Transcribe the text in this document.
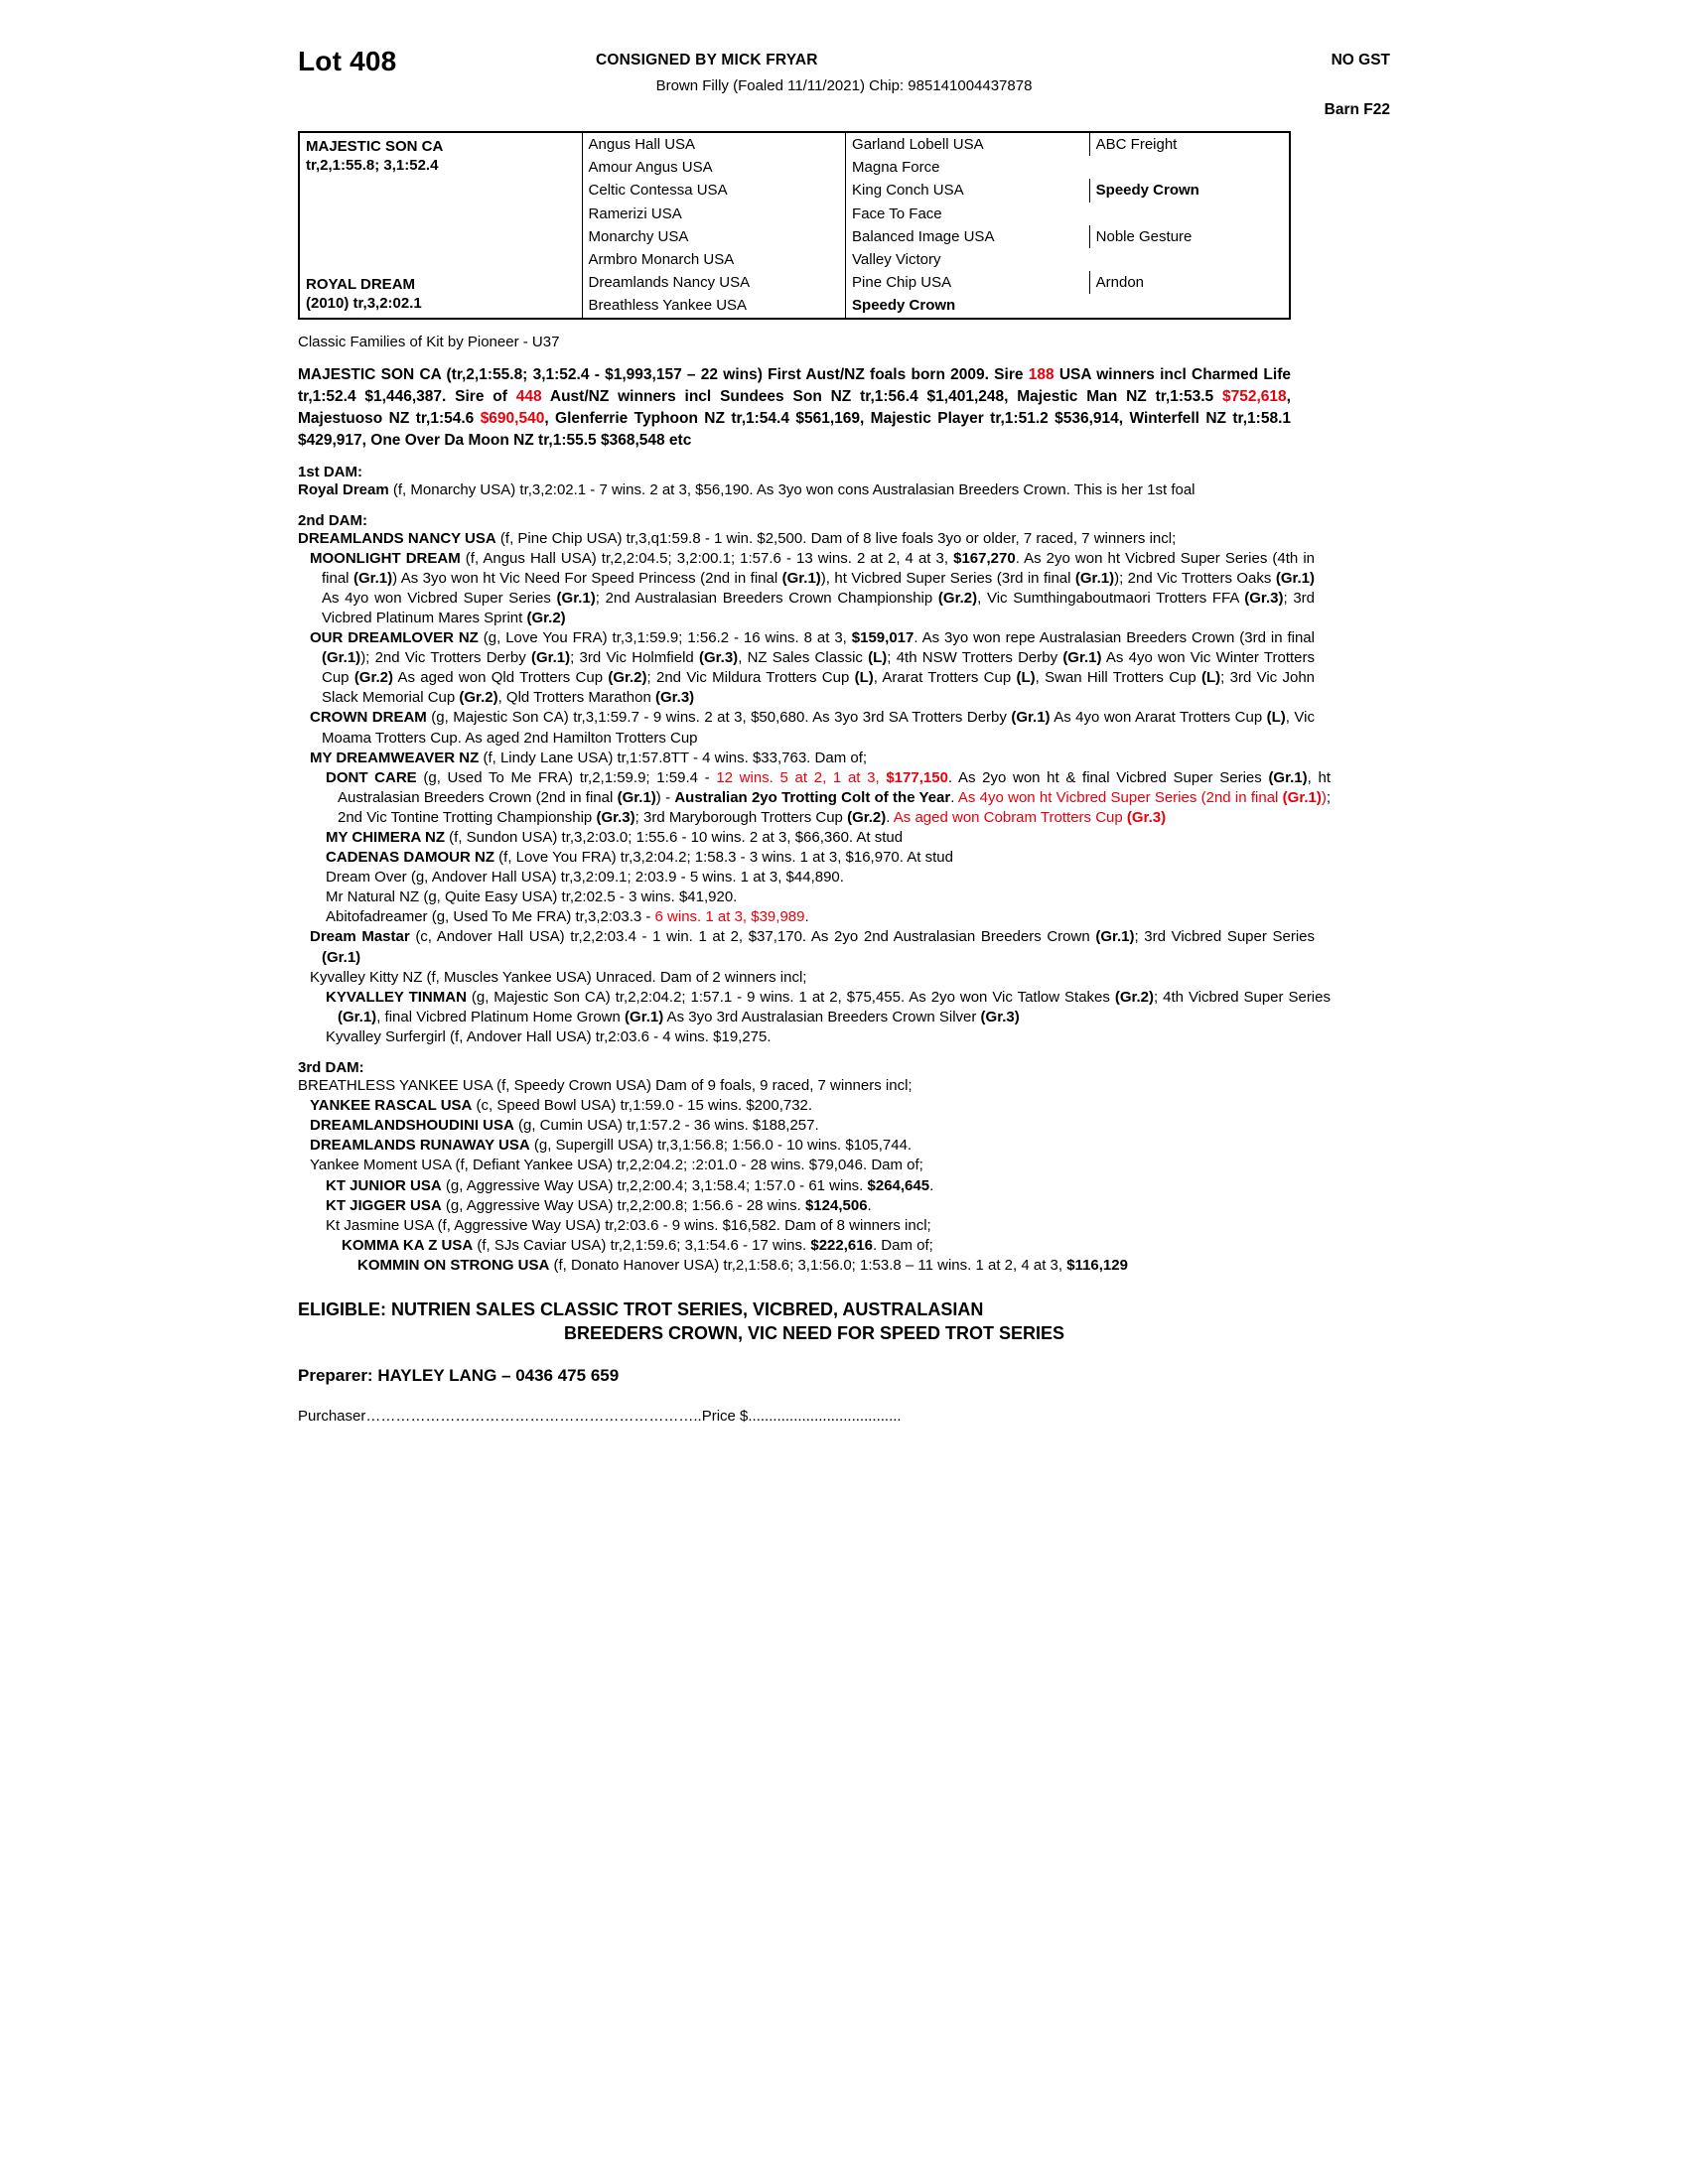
Lot 408	CONSIGNED BY MICK FRYAR
Brown Filly (Foaled 11/11/2021) Chip: 985141004437878
NO GST
Barn F22
MAJESTIC SON CA
tr,2,1:55.8; 3,1:52.4	Angus Hall USA	Garland Lobell USA	ABC Freight
	Amour Angus USA	Magna Force	
	Celtic Contessa USA	King Conch USA	Speedy Crown
	Ramerizi USA	Face To Face	
	Monarchy USA	Balanced Image USA	Noble Gesture
	Armbro Monarch USA	Valley Victory	

ROYAL DREAM
(2010) tr,3,2:02.1	Dreamlands Nancy USA	Pine Chip USA	Arndon
	Breathless Yankee USA	Speedy Crown	
Classic Families of Kit by Pioneer - U37
MAJESTIC SON CA (tr,2,1:55.8; 3,1:52.4 - $1,993,157 – 22 wins) First Aust/NZ foals born 2009. Sire 188 USA winners incl Charmed Life tr,1:52.4 $1,446,387. Sire of 448 Aust/NZ winners incl Sundees Son NZ tr,1:56.4 $1,401,248, Majestic Man NZ tr,1:53.5 $752,618, Majestuoso NZ tr,1:54.6 $690,540, Glenferrie Typhoon NZ tr,1:54.4 $561,169, Majestic Player tr,1:51.2 $536,914, Winterfell NZ tr,1:58.1 $429,917, One Over Da Moon NZ tr,1:55.5 $368,548 etc
1st DAM:

Royal Dream (f, Monarchy USA) tr,3,2:02.1 - 7 wins. 2 at 3, $56,190. As 3yo won cons Australasian Breeders Crown. This is her 1st foal

2nd DAM:

DREAMLANDS NANCY USA (f, Pine Chip USA) tr,3,q1:59.8 - 1 win. $2,500. Dam of 8 live foals 3yo or older, 7 raced, 7 winners incl;

MOONLIGHT DREAM (f, Angus Hall USA) tr,2,2:04.5; 3,2:00.1; 1:57.6 - 13 wins. 2 at 2, 4 at 3, $167,270. As 2yo won ht Vicbred Super Series (4th in final (Gr.1)) As 3yo won ht Vic Need For Speed Princess (2nd in final (Gr.1)), ht Vicbred Super Series (3rd in final (Gr.1)); 2nd Vic Trotters Oaks (Gr.1) As 4yo won Vicbred Super Series (Gr.1); 2nd Australasian Breeders Crown Championship (Gr.2), Vic Sumthingaboutmaori Trotters FFA (Gr.3); 3rd Vicbred Platinum Mares Sprint (Gr.2)

OUR DREAMLOVER NZ (g, Love You FRA) tr,3,1:59.9; 1:56.2 - 16 wins. 8 at 3, $159,017. As 3yo won repe Australasian Breeders Crown (3rd in final (Gr.1)); 2nd Vic Trotters Derby (Gr.1); 3rd Vic Holmfield (Gr.3), NZ Sales Classic (L); 4th NSW Trotters Derby (Gr.1) As 4yo won Vic Winter Trotters Cup (Gr.2) As aged won Qld Trotters Cup (Gr.2); 2nd Vic Mildura Trotters Cup (L), Ararat Trotters Cup (L), Swan Hill Trotters Cup (L); 3rd Vic John Slack Memorial Cup (Gr.2), Qld Trotters Marathon (Gr.3)

CROWN DREAM (g, Majestic Son CA) tr,3,1:59.7 - 9 wins. 2 at 3, $50,680. As 3yo 3rd SA Trotters Derby (Gr.1) As 4yo won Ararat Trotters Cup (L), Vic Moama Trotters Cup. As aged 2nd Hamilton Trotters Cup

MY DREAMWEAVER NZ (f, Lindy Lane USA) tr,1:57.8TT - 4 wins. $33,763. Dam of;

DONT CARE (g, Used To Me FRA) tr,2,1:59.9; 1:59.4 - 12 wins. 5 at 2, 1 at 3, $177,150. As 2yo won ht & final Vicbred Super Series (Gr.1), ht Australasian Breeders Crown (2nd in final (Gr.1)) - Australian 2yo Trotting Colt of the Year. As 4yo won ht Vicbred Super Series (2nd in final (Gr.1)); 2nd Vic Tontine Trotting Championship (Gr.3); 3rd Maryborough Trotters Cup (Gr.2). As aged won Cobram Trotters Cup (Gr.3)

MY CHIMERA NZ (f, Sundon USA) tr,3,2:03.0; 1:55.6 - 10 wins. 2 at 3, $66,360. At stud

CADENAS DAMOUR NZ (f, Love You FRA) tr,3,2:04.2; 1:58.3 - 3 wins. 1 at 3, $16,970. At stud

Dream Over (g, Andover Hall USA) tr,3,2:09.1; 2:03.9 - 5 wins. 1 at 3, $44,890.

Mr Natural NZ (g, Quite Easy USA) tr,2:02.5 - 3 wins. $41,920.

Abitofadreamer (g, Used To Me FRA) tr,3,2:03.3 - 6 wins. 1 at 3, $39,989.

Dream Mastar (c, Andover Hall USA) tr,2,2:03.4 - 1 win. 1 at 2, $37,170. As 2yo 2nd Australasian Breeders Crown (Gr.1); 3rd Vicbred Super Series (Gr.1)

Kyvalley Kitty NZ (f, Muscles Yankee USA) Unraced. Dam of 2 winners incl;

KYVALLEY TINMAN (g, Majestic Son CA) tr,2,2:04.2; 1:57.1 - 9 wins. 1 at 2, $75,455. As 2yo won Vic Tatlow Stakes (Gr.2); 4th Vicbred Super Series (Gr.1), final Vicbred Platinum Home Grown (Gr.1) As 3yo 3rd Australasian Breeders Crown Silver (Gr.3)

Kyvalley Surfergirl (f, Andover Hall USA) tr,2:03.6 - 4 wins. $19,275.

3rd DAM:

BREATHLESS YANKEE USA (f, Speedy Crown USA) Dam of 9 foals, 9 raced, 7 winners incl;

YANKEE RASCAL USA (c, Speed Bowl USA) tr,1:59.0 - 15 wins. $200,732.

DREAMLANDSHOUDINI USA (g, Cumin USA) tr,1:57.2 - 36 wins. $188,257.

DREAMLANDS RUNAWAY USA (g, Supergill USA) tr,3,1:56.8; 1:56.0 - 10 wins. $105,744.

Yankee Moment USA (f, Defiant Yankee USA) tr,2,2:04.2; :2:01.0 - 28 wins. $79,046. Dam of;

KT JUNIOR USA (g, Aggressive Way USA) tr,2,2:00.4; 3,1:58.4; 1:57.0 - 61 wins. $264,645.

KT JIGGER USA (g, Aggressive Way USA) tr,2,2:00.8; 1:56.6 - 28 wins. $124,506.

Kt Jasmine USA (f, Aggressive Way USA) tr,2:03.6 - 9 wins. $16,582. Dam of 8 winners incl;

KOMMA KA Z USA (f, SJs Caviar USA) tr,2,1:59.6; 3,1:54.6 - 17 wins. $222,616. Dam of;

KOMMIN ON STRONG USA (f, Donato Hanover USA) tr,2,1:58.6; 3,1:56.0; 1:53.8 – 11 wins. 1 at 2, 4 at 3, $116,129

ELIGIBLE: NUTRIEN SALES CLASSIC TROT SERIES, VICBRED, AUSTRALASIAN
BREEDERS CROWN, VIC NEED FOR SPEED TROT SERIES
Preparer: HAYLEY LANG – 0436 475 659
Purchaser…………………………………………………………..Price $.....................................
